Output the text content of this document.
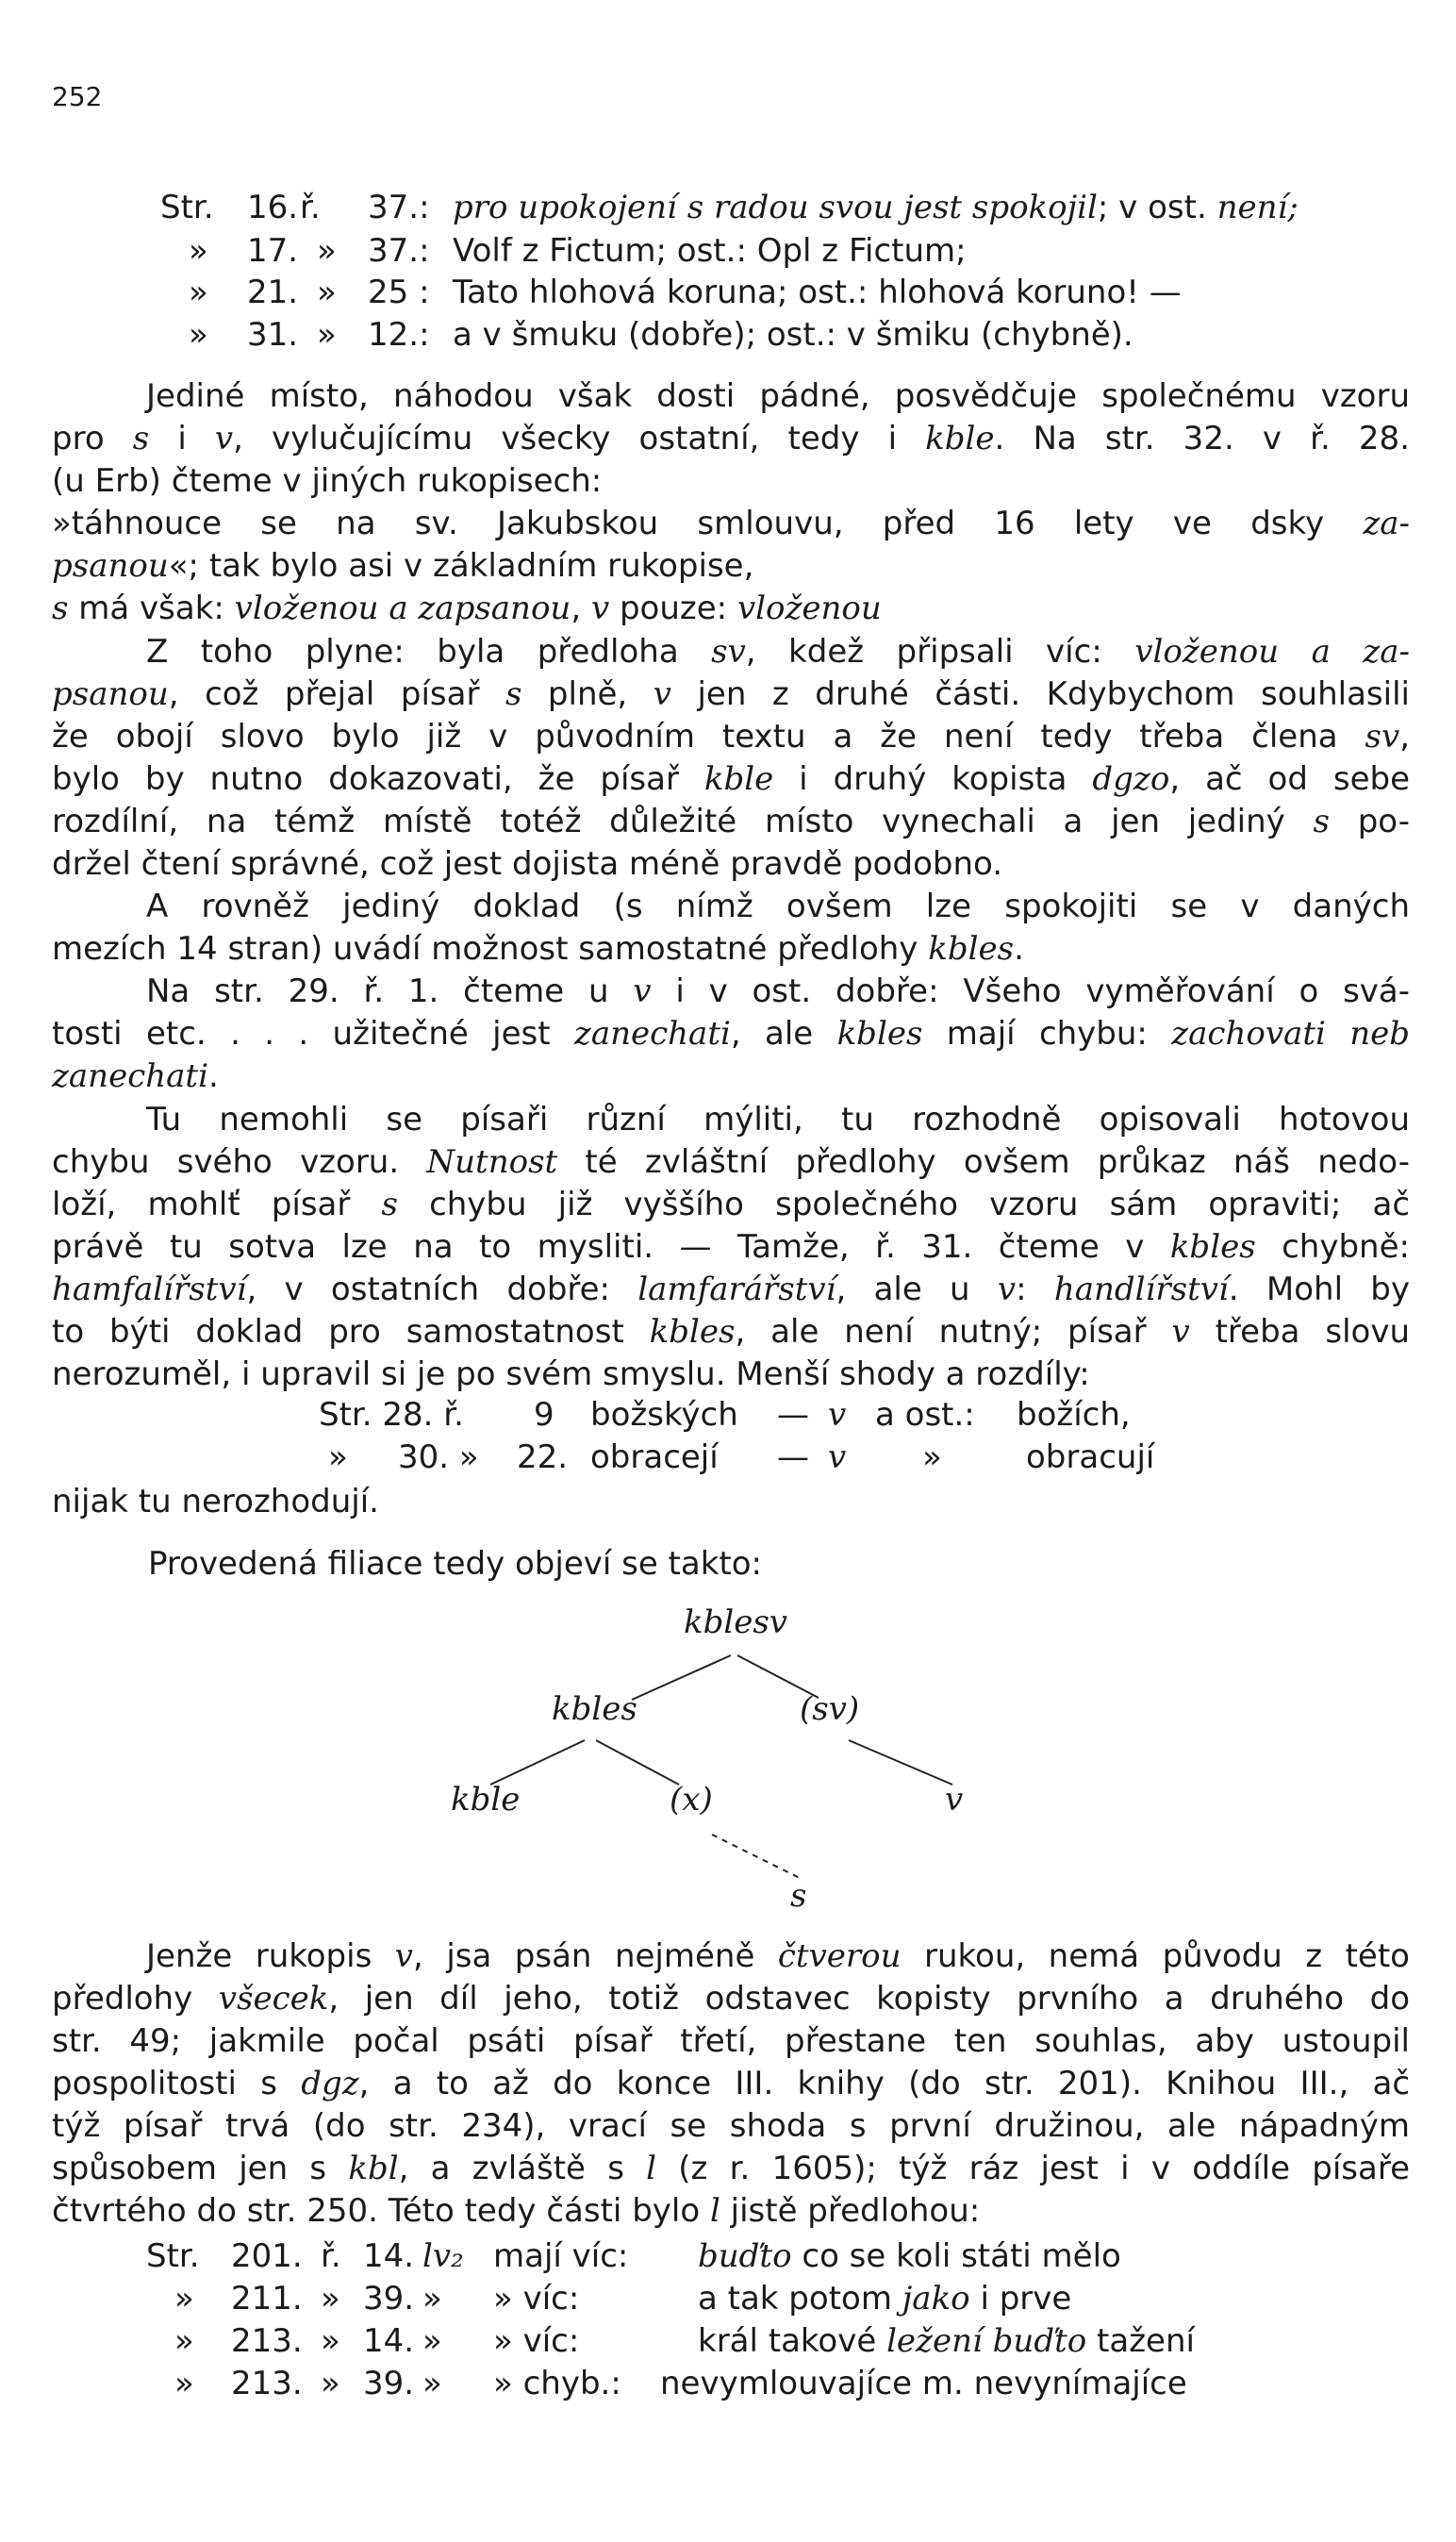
252
Str. 16. ř. 37.: pro upokojení s radou svou jest spokojil; v ost. není;
» 17. » 37.: Volf z Fictum; ost.: Opl z Fictum;
» 21. » 25 : Tato hlohová koruna; ost.: hlohová koruno! —
» 31. » 12.: a v šmuku (dobře); ost.: v šmiku (chybně).
Jediné místo, náhodou však dosti pádné, posvědčuje společnému vzoru
pro s i v, vylučujícímu všecky ostatní, tedy i kble. Na str. 32. v ř. 28.
(u Erb) čteme v jiných rukopisech:
»táhnouce se na sv. Jakubskou smlouvu, před 16 lety ve dsky za-
psanou«; tak bylo asi v základním rukopise,
s má však: vloženou a zapsanou, v pouze: vloženou
Z toho plyne: byla předloha sv, kdež připsali víc: vloženou a za-
psanou, což přejal písař s plně, v jen z druhé části. Kdybychom souhlasili
že obojí slovo bylo již v původním textu a že není tedy třeba člena sv,
bylo by nutno dokazovati, že písař kble i druhý kopista dgzo, ač od sebe
rozdílní, na témž místě totéž důležité místo vynechali a jen jediný s po-
držel čtení správné, což jest dojista méně pravdě podobno.
A rovněž jediný doklad (s nímž ovšem lze spokojiti se v daných
mezích 14 stran) uvádí možnost samostatné předlohy kbles.
Na str. 29. ř. 1. čteme u v i v ost. dobře: Všeho vyměřování o svá-
tosti etc. . . . užitečné jest zanechati, ale kbles mají chybu: zachovati neb
zanechati.
Tu nemohli se písaři různí mýliti, tu rozhodně opisovali hotovou
chybu svého vzoru. Nutnost té zvláštní předlohy ovšem průkaz náš nedo-
loží, mohlť písař s chybu již vyššího společného vzoru sám opraviti; ač
právě tu sotva lze na to mysliti. — Tamže, ř. 31. čteme v kbles chybně:
hamfalířství, v ostatních dobře: lamfarářství, ale u v: handlířství. Mohl by
to býti doklad pro samostatnost kbles, ale není nutný; písař v třeba slovu
nerozuměl, i upravil si je po svém smyslu. Menší shody a rozdíly:
Str. 28. ř. 9 božských — v a ost.: božích,
» 30. » 22. obracejí — v »	obracují
nijak tu nerozhodují.
Provedená filiace tedy objeví se takto:
kblesv
kbles	(sv)
kble	(x)	v
s
Jenže rukopis v, jsa psán nejméně čtverou rukou, nemá původu z této
předlohy všecek, jen díl jeho, totiž odstavec kopisty prvního a druhého do
str. 49; jakmile počal psáti písař třetí, přestane ten souhlas, aby ustoupil
pospolitosti s dgz, a to až do konce III. knihy (do str. 201). Knihou III., ač
týž písař trvá (do str. 234), vrací se shoda s první družinou, ale nápadným
spůsobem jen s kbl, a zvláště s l (z r. 1605); týž ráz jest i v oddíle písaře
čtvrtého do str. 250. Této tedy části bylo l jistě předlohou:
Str. 201. ř. 14. lv₂ mají víc: buďto co se koli státi mělo
» 211. » 39. » » víc:	a tak potom jako i prve
» 213. » 14. » » víc:	král takové ležení buďto tažení
» 213. » 39. » » chyb.: nevymlouvajíce m. nevynímajíce
